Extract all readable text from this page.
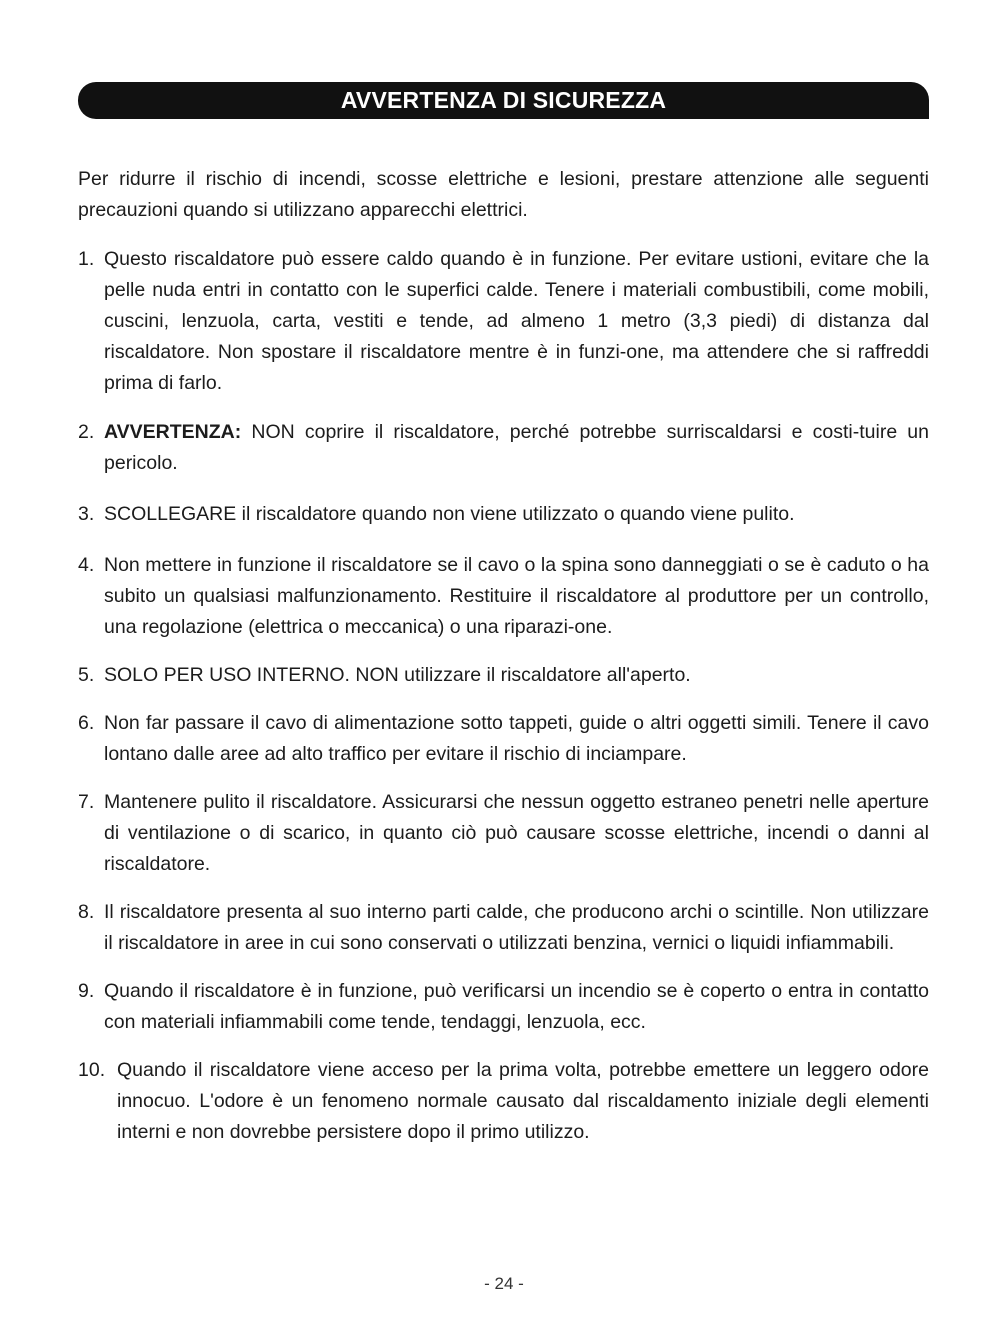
AVVERTENZA DI SICUREZZA

Per ridurre il rischio di incendi, scosse elettriche e lesioni, prestare attenzione alle seguenti precauzioni quando si utilizzano apparecchi elettrici.

1. Questo riscaldatore può essere caldo quando è in funzione. Per evitare ustioni, evitare che la pelle nuda entri in contatto con le superfici calde. Tenere i materiali combustibili, come mobili, cuscini, lenzuola, carta, vestiti e tende, ad almeno 1 metro (3,3 piedi) di distanza dal riscaldatore. Non spostare il riscaldatore mentre è in funzi-one, ma attendere che si raffreddi prima di farlo.
2. AVVERTENZA: NON coprire il riscaldatore, perché potrebbe surriscaldarsi e costi-tuire un pericolo.
3. SCOLLEGARE il riscaldatore quando non viene utilizzato o quando viene pulito.
4. Non mettere in funzione il riscaldatore se il cavo o la spina sono danneggiati o se è caduto o ha subito un qualsiasi malfunzionamento. Restituire il riscaldatore al produttore per un controllo, una regolazione (elettrica o meccanica) o una riparazi-one.
5. SOLO PER USO INTERNO. NON utilizzare il riscaldatore all'aperto.
6. Non far passare il cavo di alimentazione sotto tappeti, guide o altri oggetti simili. Tenere il cavo lontano dalle aree ad alto traffico per evitare il rischio di inciampare.
7. Mantenere pulito il riscaldatore. Assicurarsi che nessun oggetto estraneo penetri nelle aperture di ventilazione o di scarico, in quanto ciò può causare scosse elettriche, incendi o danni al riscaldatore.
8. Il riscaldatore presenta al suo interno parti calde, che producono archi o scintille. Non utilizzare il riscaldatore in aree in cui sono conservati o utilizzati benzina, vernici o liquidi infiammabili.
9. Quando il riscaldatore è in funzione, può verificarsi un incendio se è coperto o entra in contatto con materiali infiammabili come tende, tendaggi, lenzuola, ecc.
10. Quando il riscaldatore viene acceso per la prima volta, potrebbe emettere un leggero odore innocuo. L'odore è un fenomeno normale causato dal riscaldamento iniziale degli elementi interni e non dovrebbe persistere dopo il primo utilizzo.
- 24 -
